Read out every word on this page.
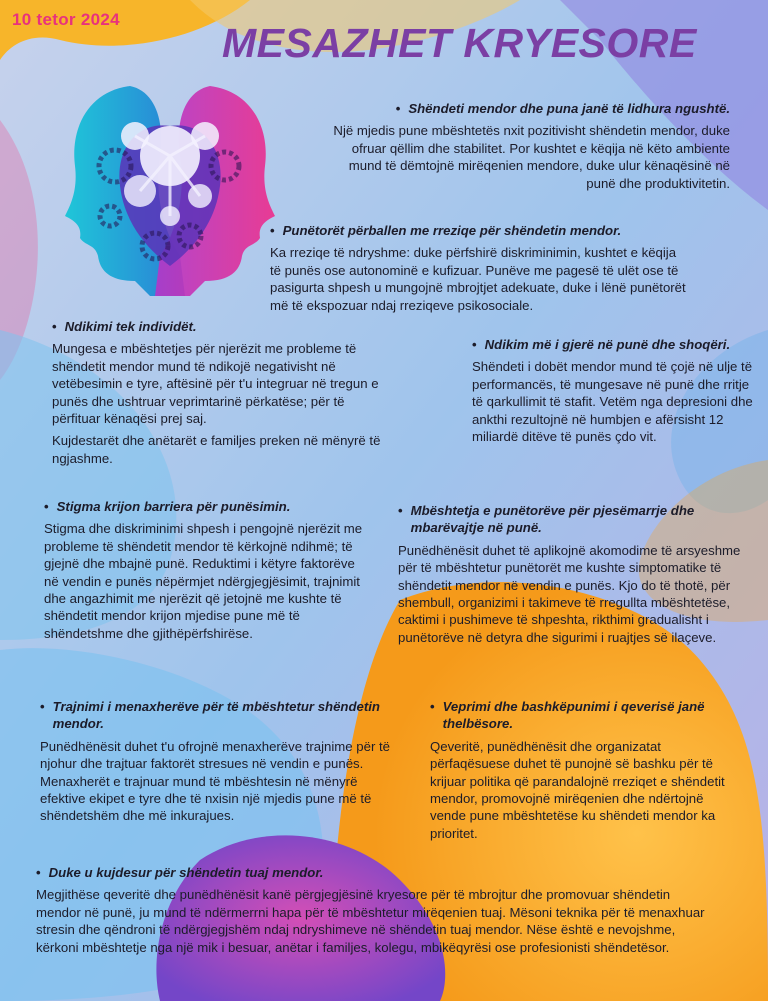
10 tetor 2024
MESAZHET KRYESORE
• Shëndeti mendor dhe puna janë të lidhura ngushtë.

Një mjedis pune mbështetës nxit pozitivisht shëndetin mendor, duke ofruar qëllim dhe stabilitet. Por kushtet e këqija në këto ambiente mund të dëmtojnë mirëqenien mendore, duke ulur kënaqësinë në punë dhe produktivitetin.

• Punëtorët përballen me rreziqe për shëndetin mendor.

Ka rreziqe të ndryshme: duke përfshirë diskriminimin, kushtet e këqija të punës ose autonominë e kufizuar. Punëve me pagesë të ulët ose të pasigurta shpesh u mungojnë mbrojtjet adekuate, duke i lënë punëtorët më të ekspozuar ndaj rreziqeve psikosociale.

• Ndikimi tek individët.

Mungesa e mbështetjes për njerëzit me probleme të shëndetit mendor mund të ndikojë negativisht në vetëbesimin e tyre, aftësinë për t'u integruar në tregun e punës dhe ushtruar veprimtarinë përkatëse; për të përfituar kënaqësi prej saj.

Kujdestarët dhe anëtarët e familjes preken në mënyrë të ngjashme.

• Ndikim më i gjerë në punë dhe shoqëri.

Shëndeti i dobët mendor mund të çojë në ulje të performancës, të mungesave në punë dhe rritje të qarkullimit të stafit. Vetëm nga depresioni dhe ankthi rezultojnë në humbjen e afërsisht 12 miliardë ditëve të punës çdo vit.

• Stigma krijon barriera për punësimin.

Stigma dhe diskriminimi shpesh i pengojnë njerëzit me probleme të shëndetit mendor të kërkojnë ndihmë; të gjejnë dhe mbajnë punë. Reduktimi i këtyre faktorëve në vendin e punës nëpërmjet ndërgjegjësimit, trajnimit dhe angazhimit me njerëzit që jetojnë me kushte të shëndetit mendor krijon mjedise pune më të shëndetshme dhe gjithëpërfshirëse.

• Mbështetja e punëtorëve për pjesëmarrje dhe mbarëvajtje në punë.

Punëdhënësit duhet të aplikojnë akomodime të arsyeshme për të mbështetur punëtorët me kushte simptomatike të shëndetit mendor në vendin e punës. Kjo do të thotë, për shembull, organizimi i takimeve të rregullta mbështetëse, caktimi i pushimeve të shpeshta, rikthimi gradualisht i punëtorëve në detyra dhe sigurimi i ruajtjes së ilaçeve.

• Trajnimi i menaxherëve për të mbështetur shëndetin mendor.

Punëdhënësit duhet t'u ofrojnë menaxherëve trajnime për të njohur dhe trajtuar faktorët stresues në vendin e punës. Menaxherët e trajnuar mund të mbështesin në mënyrë efektive ekipet e tyre dhe të nxisin një mjedis pune më të shëndetshëm dhe më inkurajues.

• Veprimi dhe bashkëpunimi i qeverisë janë thelbësore.

Qeveritë, punëdhënësit dhe organizatat përfaqësuese duhet të punojnë së bashku për të krijuar politika që parandalojnë rreziqet e shëndetit mendor, promovojnë mirëqenien dhe ndërtojnë vende pune mbështetëse ku shëndeti mendor ka prioritet.

• Duke u kujdesur për shëndetin tuaj mendor.

Megjithëse qeveritë dhe punëdhënësit kanë përgjegjësinë kryesore për të mbrojtur dhe promovuar shëndetin mendor në punë, ju mund të ndërmerrni hapa për të mbështetur mirëqenien tuaj. Mësoni teknika për të menaxhuar stresin dhe qëndroni të ndërgjegjshëm ndaj ndryshimeve në shëndetin tuaj mendor. Nëse është e nevojshme, kërkoni mbështetje nga një mik i besuar, anëtar i familjes, kolegu, mbikëqyrësi ose profesionisti shëndetësor.
